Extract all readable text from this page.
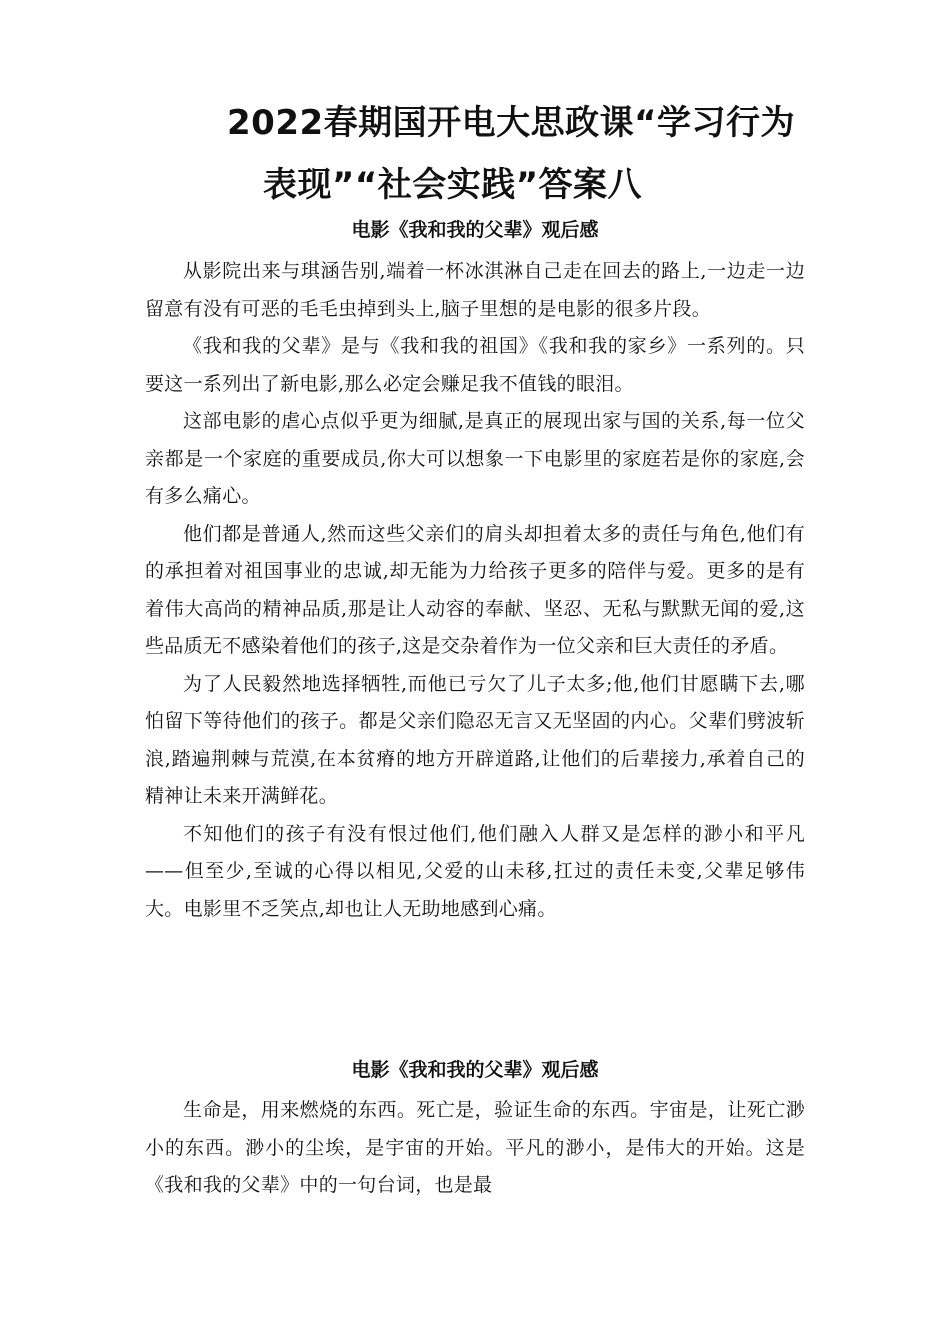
2022春期国开电大思政课“学习行为
表现”“社会实践”答案八
电影《我和我的父辈》观后感

从影院出来与琪涵告别,端着一杯冰淇淋自己走在回去的路上,一边走一边留意有没有可恶的毛毛虫掉到头上,脑子里想的是电影的很多片段。

《我和我的父辈》是与《我和我的祖国》《我和我的家乡》一系列的。只要这一系列出了新电影,那么必定会赚足我不值钱的眼泪。

这部电影的虐心点似乎更为细腻,是真正的展现出家与国的关系,每一位父亲都是一个家庭的重要成员,你大可以想象一下电影里的家庭若是你的家庭,会有多么痛心。

他们都是普通人,然而这些父亲们的肩头却担着太多的责任与角色,他们有的承担着对祖国事业的忠诚,却无能为力给孩子更多的陪伴与爱。更多的是有着伟大高尚的精神品质,那是让人动容的奉献、坚忍、无私与默默无闻的爱,这些品质无不感染着他们的孩子,这是交杂着作为一位父亲和巨大责任的矛盾。

为了人民毅然地选择牺牲,而他已亏欠了儿子太多;他,他们甘愿瞒下去,哪怕留下等待他们的孩子。都是父亲们隐忍无言又无坚固的内心。父辈们劈波斩浪,踏遍荆棘与荒漠,在本贫瘠的地方开辟道路,让他们的后辈接力,承着自己的精神让未来开满鲜花。

不知他们的孩子有没有恨过他们,他们融入人群又是怎样的渺小和平凡——但至少,至诚的心得以相见,父爱的山未移,扛过的责任未变,父辈足够伟大。电影里不乏笑点,却也让人无助地感到心痛。

电影《我和我的父辈》观后感

生命是，用来燃烧的东西。死亡是，验证生命的东西。宇宙是，让死亡渺小的东西。渺小的尘埃，是宇宙的开始。平凡的渺小，是伟大的开始。这是《我和我的父辈》中的一句台词，也是最
